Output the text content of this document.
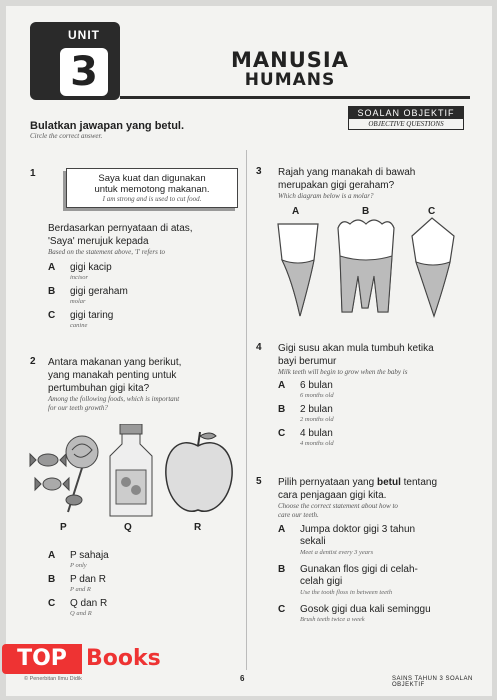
UNIT
3	MANUSIA
HUMANS
SOALAN OBJEKTIF
OBJECTIVE QUESTIONS
Bulatkan jawapan yang betul.
Circle the correct answer.
1	Saya kuat dan digunakan
untuk memotong makanan.
I am strong and is used to cut food.
Berdasarkan pernyataan di atas,
'Saya' merujuk kepada
Based on the statement above, 'I' refers to
A gigi kacip
incisor
B gigi geraham
molar
C gigi taring
canine
2 Antara makanan yang berikut,
yang manakah penting untuk
pertumbuhan gigi kita?
Among the following foods, which is important
for our teeth growth?
P	Q	R
A P sahaja
P only
B P dan R
P and R
C Q dan R
Q and R
3 Rajah yang manakah di bawah
merupakan gigi geraham?
Which diagram below is a molar?
A	B	C
4 Gigi susu akan mula tumbuh ketika
bayi berumur
Milk teeth will begin to grow when the baby is
A 6 bulan
6 months old
B 2 bulan
2 months old
C 4 bulan
4 months old
5 Pilih pernyataan yang betul tentang
cara penjagaan gigi kita.
Choose the correct statement about how to
care our teeth.
A Jumpa doktor gigi 3 tahun
sekali
Meet a dentist every 3 years
B Gunakan flos gigi di celah-
celah gigi
Use the tooth floss in between teeth
C Gosok gigi dua kali seminggu
Brush teeth twice a week
© Penerbitan Ilmu Didik	6	SAINS TAHUN 3 SOALAN OBJEKTIF
TOP Books
